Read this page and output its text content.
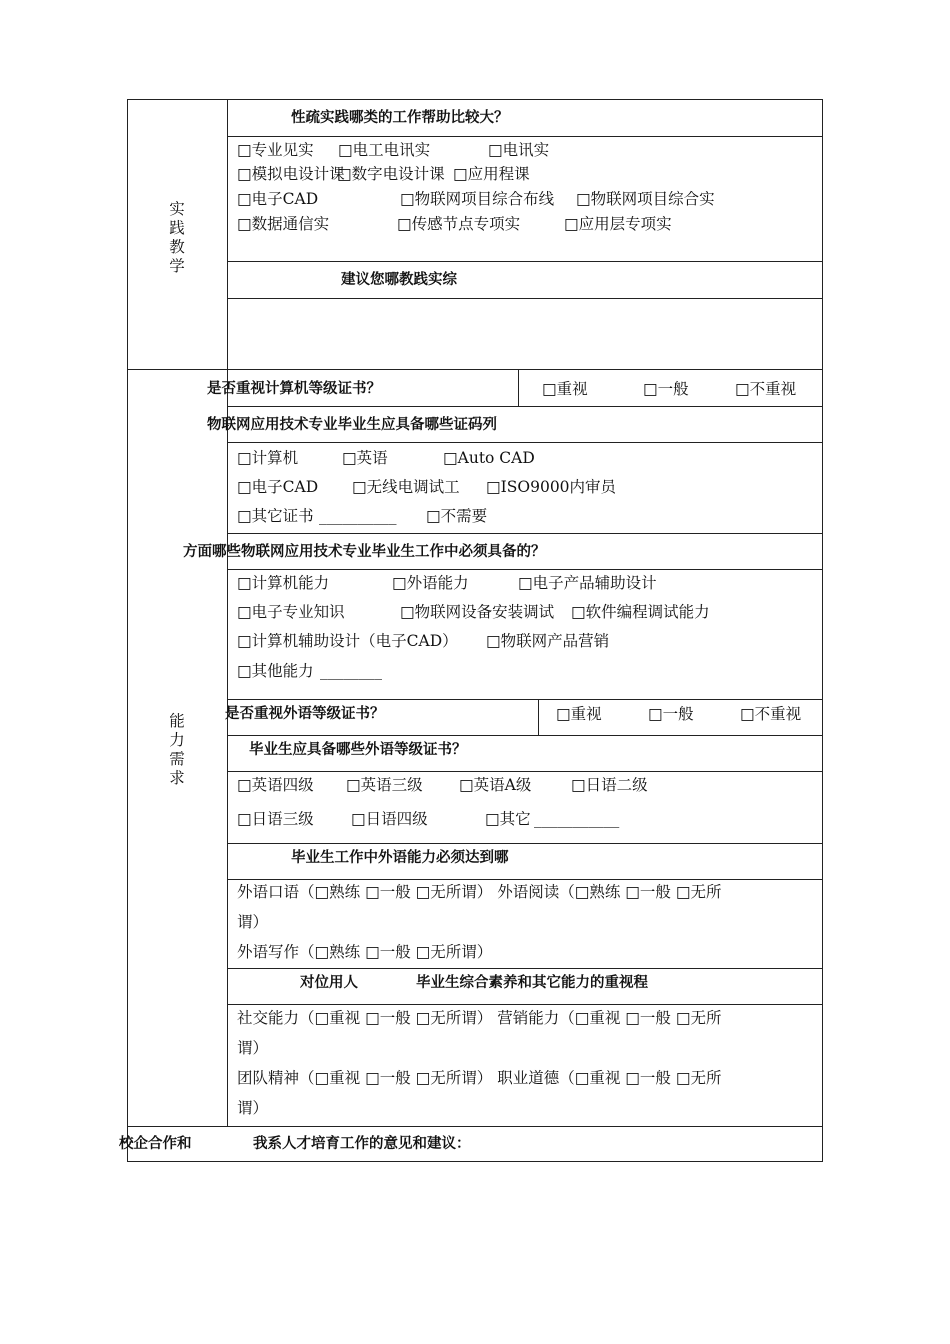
实践教学
性疏实践哪类的工作帮助比较大？
□专业见实 □电工电讯实	□电讯实
□模拟电设计课
□数字电设计课 □应用程课
□电子CAD	□物联网项目综合布线 □物联网项目综合实
□数据通信实	□传感节点专项实	□应用层专项实
建议您哪教践实综
能力需求
是否重视计算机等级证书？	□重视	□一般	□不重视
物联网应用技术专业毕业生应具备哪些证码列
□计算机	□英语	□Auto CAD
□电子CAD □无线电调试工 □ISO9000内审员
□其它证书 __________ □不需要
方面哪些物联网应用技术专业毕业生工作中必须具备的？
□计算机能力	□外语能力	□电子产品辅助设计
□电子专业知识	□物联网设备安装调试 □软件编程调试能力
□计算机辅助设计（电子CAD） □物联网产品营销
□其他能力 ________
是否重视外语等级证书？	□重视	□一般	□不重视
毕业生应具备哪些外语等级证书？
□英语四级 □英语三级 □英语A级	□日语二级
□日语三级 □日语四级	□其它 ___________
毕业生工作中外语能力必须达到哪
外语口语（□熟练 □一般 □无所谓） 外语阅读（□熟练 □一般 □无所
谓）
外语写作（□熟练 □一般 □无所谓）
对位用人	毕业生综合素养和其它能力的重视程
社交能力（□重视 □一般 □无所谓） 营销能力（□重视 □一般 □无所
谓）
团队精神（□重视 □一般 □无所谓） 职业道德（□重视 □一般 □无所
谓）
校企合作和	我系人才培育工作的意见和建议：
